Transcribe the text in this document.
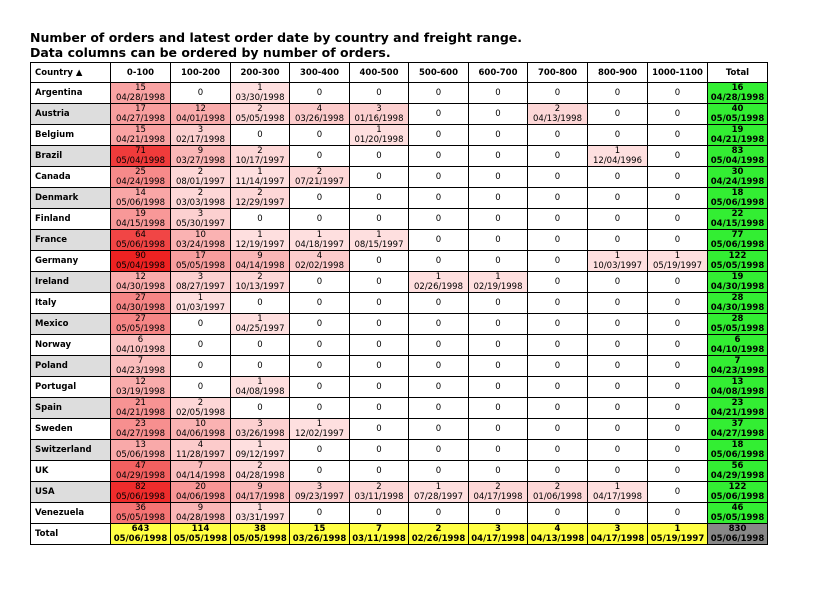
Number of orders and latest order date by country and freight range.
Data columns can be ordered by number of orders.
Country ▲	0-100	100-200	200-300	300-400	400-500	500-600	600-700	700-800	800-900	1000-1100	Total
Argentina	15
04/28/1998	0	1
03/30/1998	0	0	0	0	0	0	0	16
04/28/1998

Austria	17
04/27/1998	12
04/01/1998	2
05/05/1998	4
03/26/1998	3
01/16/1998	0	0	2
04/13/1998	0	0	40
05/05/1998

Belgium	15
04/21/1998	3
02/17/1998	0	0	1
01/20/1998	0	0	0	0	0	19
04/21/1998

Brazil	71
05/04/1998	9
03/27/1998	2
10/17/1997	0	0	0	0	0	1
12/04/1996	0	83
05/04/1998

Canada	25
04/24/1998	2
08/01/1997	1
11/14/1997	2
07/21/1997	0	0	0	0	0	0	30
04/24/1998

Denmark	14
05/06/1998	2
03/03/1998	2
12/29/1997	0	0	0	0	0	0	0	18
05/06/1998

Finland	19
04/15/1998	3
05/30/1997	0	0	0	0	0	0	0	0	22
04/15/1998

France	64
05/06/1998	10
03/24/1998	1
12/19/1997	1
04/18/1997	1
08/15/1997	0	0	0	0	0	77
05/06/1998

Germany	90
05/04/1998	17
05/05/1998	9
04/14/1998	4
02/02/1998	0	0	0	0	1
10/03/1997	1
05/19/1997	122
05/05/1998

Ireland	12
04/30/1998	3
08/27/1997	2
10/13/1997	0	0	1
02/26/1998	1
02/19/1998	0	0	0	19
04/30/1998

Italy	27
04/30/1998	1
01/03/1997	0	0	0	0	0	0	0	0	28
04/30/1998

Mexico	27
05/05/1998	0	1
04/25/1997	0	0	0	0	0	0	0	28
05/05/1998

Norway	6
04/10/1998	0	0	0	0	0	0	0	0	0	6
04/10/1998

Poland	7
04/23/1998	0	0	0	0	0	0	0	0	0	7
04/23/1998

Portugal	12
03/19/1998	0	1
04/08/1998	0	0	0	0	0	0	0	13
04/08/1998

Spain	21
04/21/1998	2
02/05/1998	0	0	0	0	0	0	0	0	23
04/21/1998

Sweden	23
04/27/1998	10
04/06/1998	3
03/26/1998	1
12/02/1997	0	0	0	0	0	0	37
04/27/1998

Switzerland	13
05/06/1998	4
11/28/1997	1
09/12/1997	0	0	0	0	0	0	0	18
05/06/1998

UK	47
04/29/1998	7
04/14/1998	2
04/28/1998	0	0	0	0	0	0	0	56
04/29/1998

USA	82
05/06/1998	20
04/06/1998	9
04/17/1998	3
09/23/1997	2
03/11/1998	1
07/28/1997	2
04/17/1998	2
01/06/1998	1
04/17/1998	0	122
05/06/1998

Venezuela	36
05/05/1998	9
04/28/1998	1
03/31/1997	0	0	0	0	0	0	0	46
05/05/1998

Total	643
05/06/1998	114
05/05/1998	38
05/05/1998	15
03/26/1998	7
03/11/1998	2
02/26/1998	3
04/17/1998	4
04/13/1998	3
04/17/1998	1
05/19/1997	830
05/06/1998
